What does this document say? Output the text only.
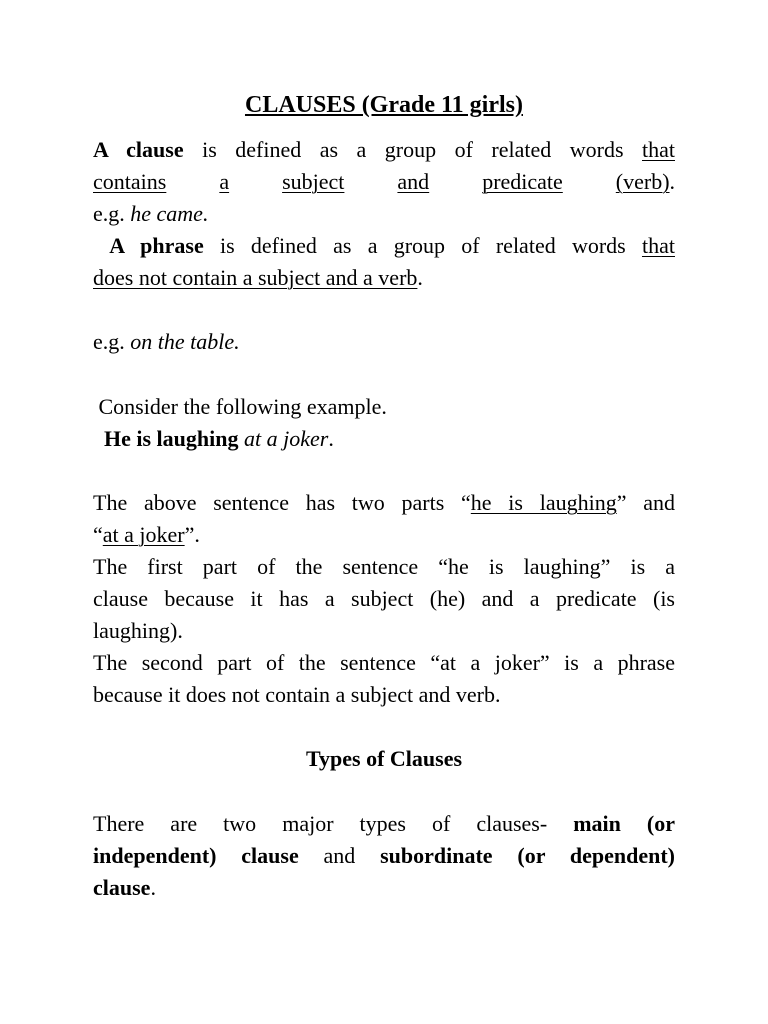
CLAUSES (Grade 11 girls)
A clause is defined as a group of related words that
contains a subject and predicate (verb).
e.g. he came.
A phrase is defined as a group of related words that
does not contain a subject and a verb.
e.g. on the table.
Consider the following example.
He is laughing at a joker.
The above sentence has two parts “he is laughing” and
“at a joker”.
The first part of the sentence “he is laughing” is a
clause because it has a subject (he) and a predicate (is
laughing).
The second part of the sentence “at a joker” is a phrase
because it does not contain a subject and verb.
Types of Clauses
There are two major types of clauses- main (or
independent) clause and subordinate (or dependent)
clause.
